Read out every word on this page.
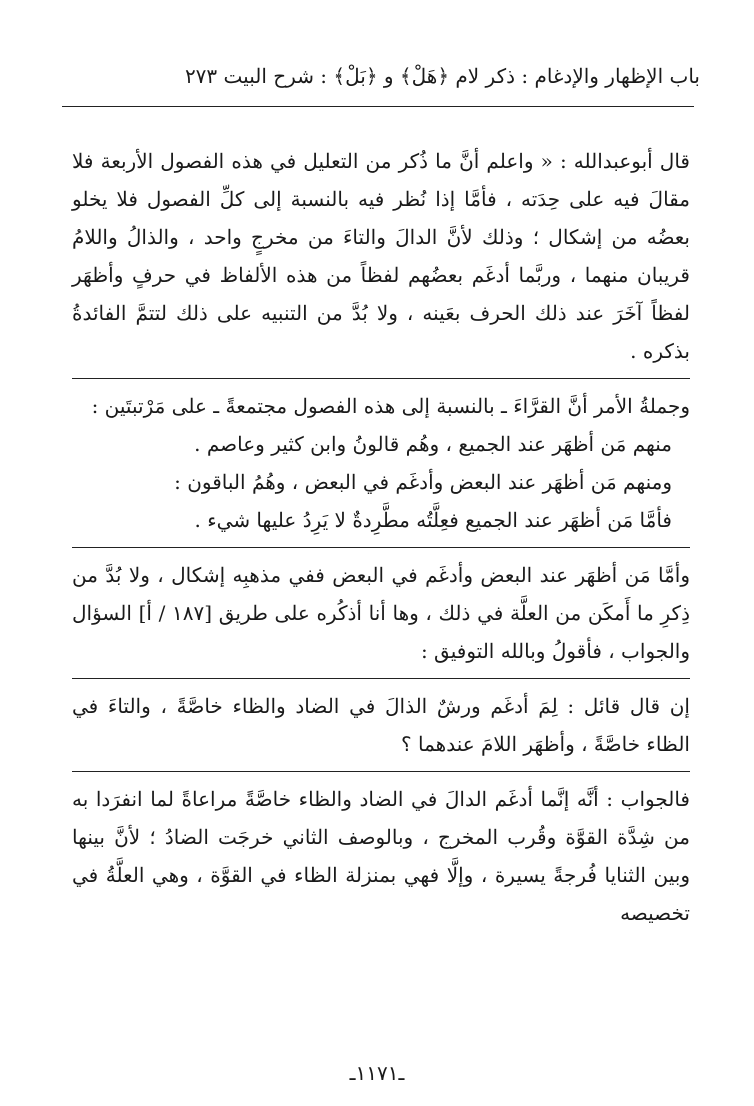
باب الإظهار والإدغام : ذكر لام ﴿هَلْ﴾ و ﴿بَلْ﴾ : شرح البيت ٢٧٣

قال أبوعبدالله : « واعلم أنَّ ما ذُكر من التعليل في هذه الفصول الأربعة فلا مقالَ فيه على حِدَته ، فأمَّا إذا نُظر فيه بالنسبة إلى كلِّ الفصول فلا يخلو بعضُه من إشكال ؛ وذلك لأنَّ الدالَ والتاءَ من مخرجٍ واحد ، والذالُ واللامُ قريبان منهما ، وربَّما أدغَم بعضُهم لفظاً من هذه الألفاظ في حرفٍ وأظهَر لفظاً آخَرَ عند ذلك الحرف بعَينه ، ولا بُدَّ من التنبيه على ذلك لتتمَّ الفائدةُ بذكره .

وجملةُ الأمر أنَّ القرَّاءَ ـ بالنسبة إلى هذه الفصول مجتمعةً ـ على مَرْتبتَين :

منهم مَن أظهَر عند الجميع ، وهُم قالونُ وابن كثير وعاصم .

ومنهم مَن أظهَر عند البعض وأدغَم في البعض ، وهُمُ الباقون :

فأمَّا مَن أظهَر عند الجميع فعِلَّتُه مطَّرِدةٌ لا يَرِدُ عليها شيء .

وأمَّا مَن أظهَر عند البعض وأدغَم في البعض ففي مذهبِه إشكال ، ولا بُدَّ من ذِكرِ ما أَمكَن من العلَّة في ذلك ، وها أنا أذكُره على طريق [١٨٧ / أ] السؤال والجواب ، فأقولُ وبالله التوفيق :

إن قال قائل : لِمَ أدغَم ورشٌ الذالَ في الضاد والظاء خاصَّةً ، والتاءَ في الظاء خاصَّةً ، وأظهَر اللامَ عندهما ؟

فالجواب : أنَّه إنَّما أدغَم الدالَ في الضاد والظاء خاصَّةً مراعاةً لما انفرَدا به من شِدَّة القوَّة وقُرب المخرج ، وبالوصف الثاني خرجَت الضادُ ؛ لأنَّ بينها وبين الثنايا فُرجةً يسيرة ، وإلَّا فهي بمنزلة الظاء في القوَّة ، وهي العلَّةُ في تخصيصه

ـ١١٧١ـ
